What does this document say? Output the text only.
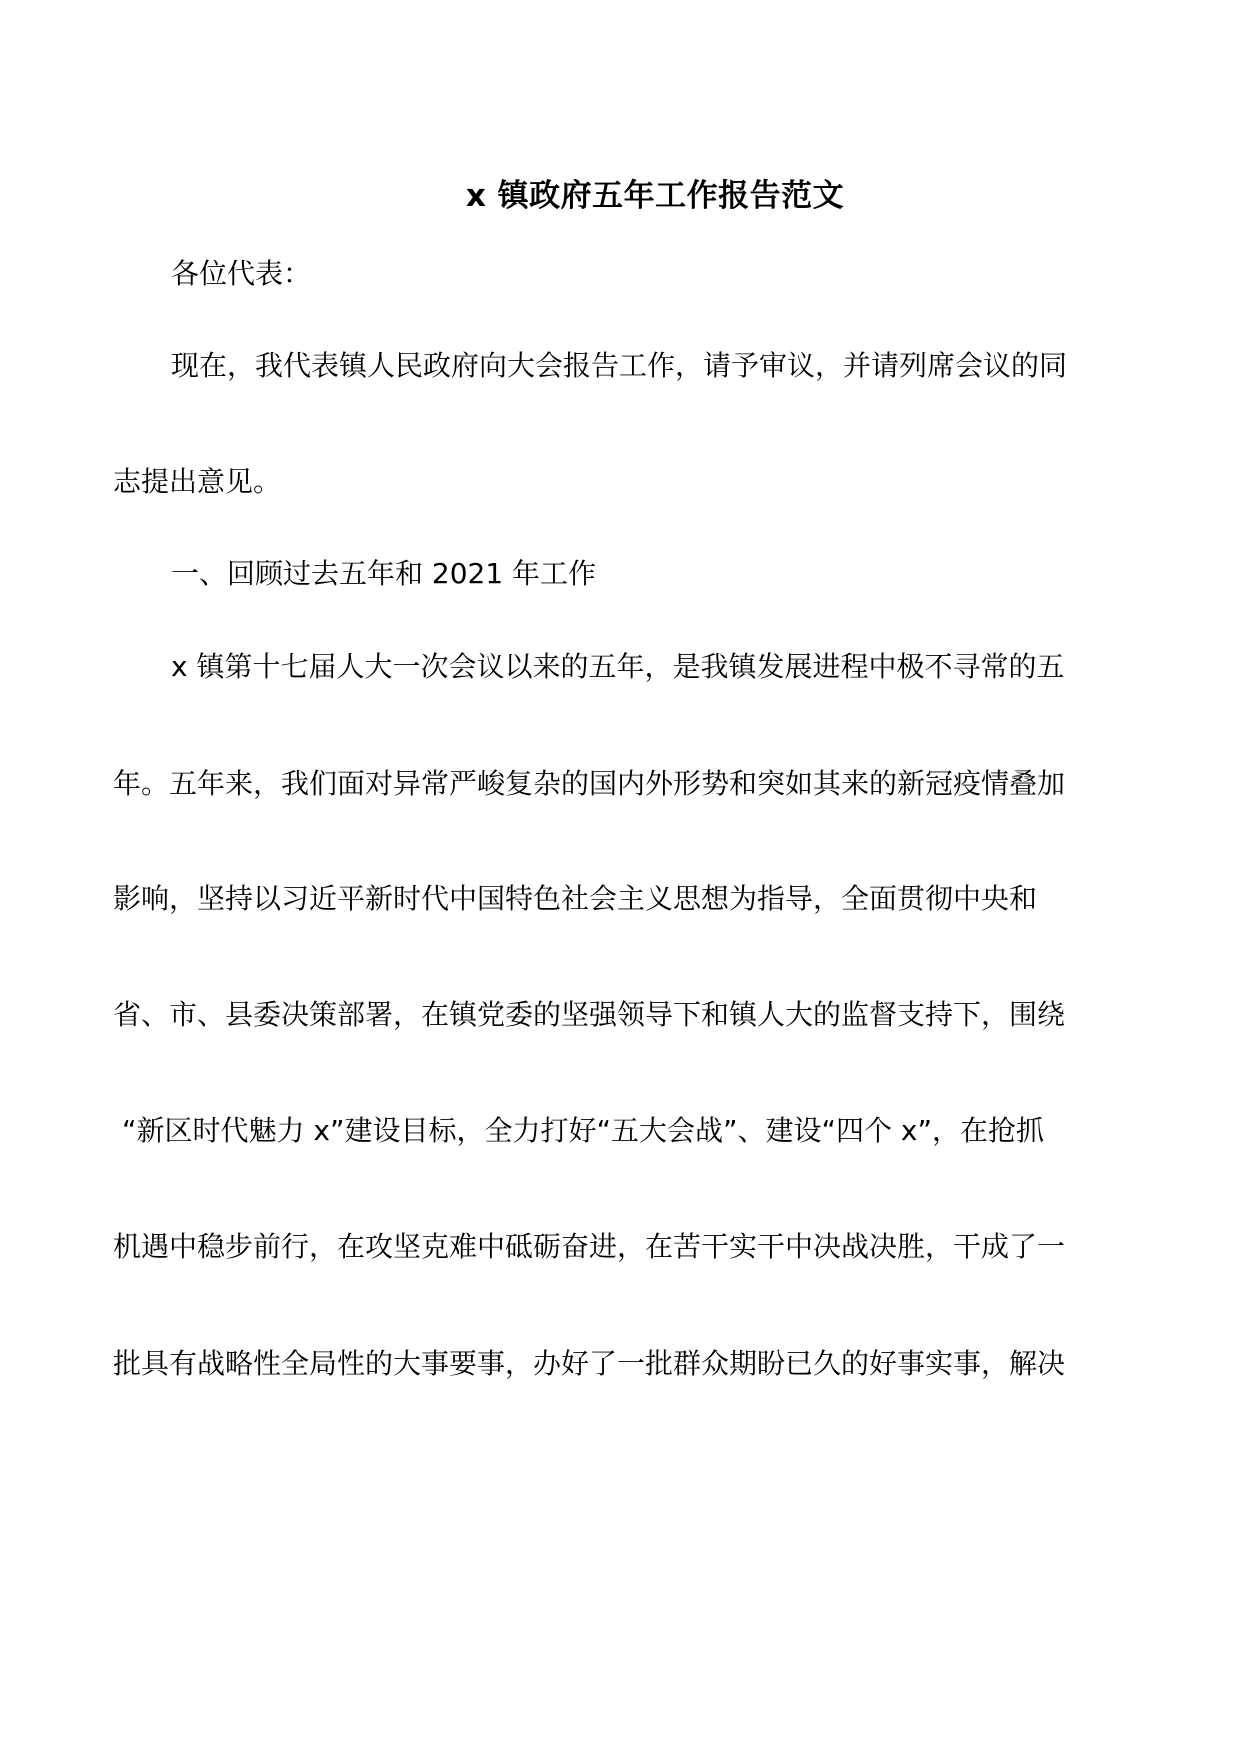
x 镇政府五年工作报告范文
各位代表：
现在，我代表镇人民政府向大会报告工作，请予审议，并请列席会议的同
志提出意见。
一、回顾过去五年和 2021 年工作
x 镇第十七届人大一次会议以来的五年，是我镇发展进程中极不寻常的五
年。五年来，我们面对异常严峻复杂的国内外形势和突如其来的新冠疫情叠加
影响，坚持以习近平新时代中国特色社会主义思想为指导，全面贯彻中央和
省、市、县委决策部署，在镇党委的坚强领导下和镇人大的监督支持下，围绕
“新区时代魅力 x”建设目标，全力打好“五大会战”、建设“四个 x”，在抢抓
机遇中稳步前行，在攻坚克难中砥砺奋进，在苦干实干中决战决胜，干成了一
批具有战略性全局性的大事要事，办好了一批群众期盼已久的好事实事，解决
